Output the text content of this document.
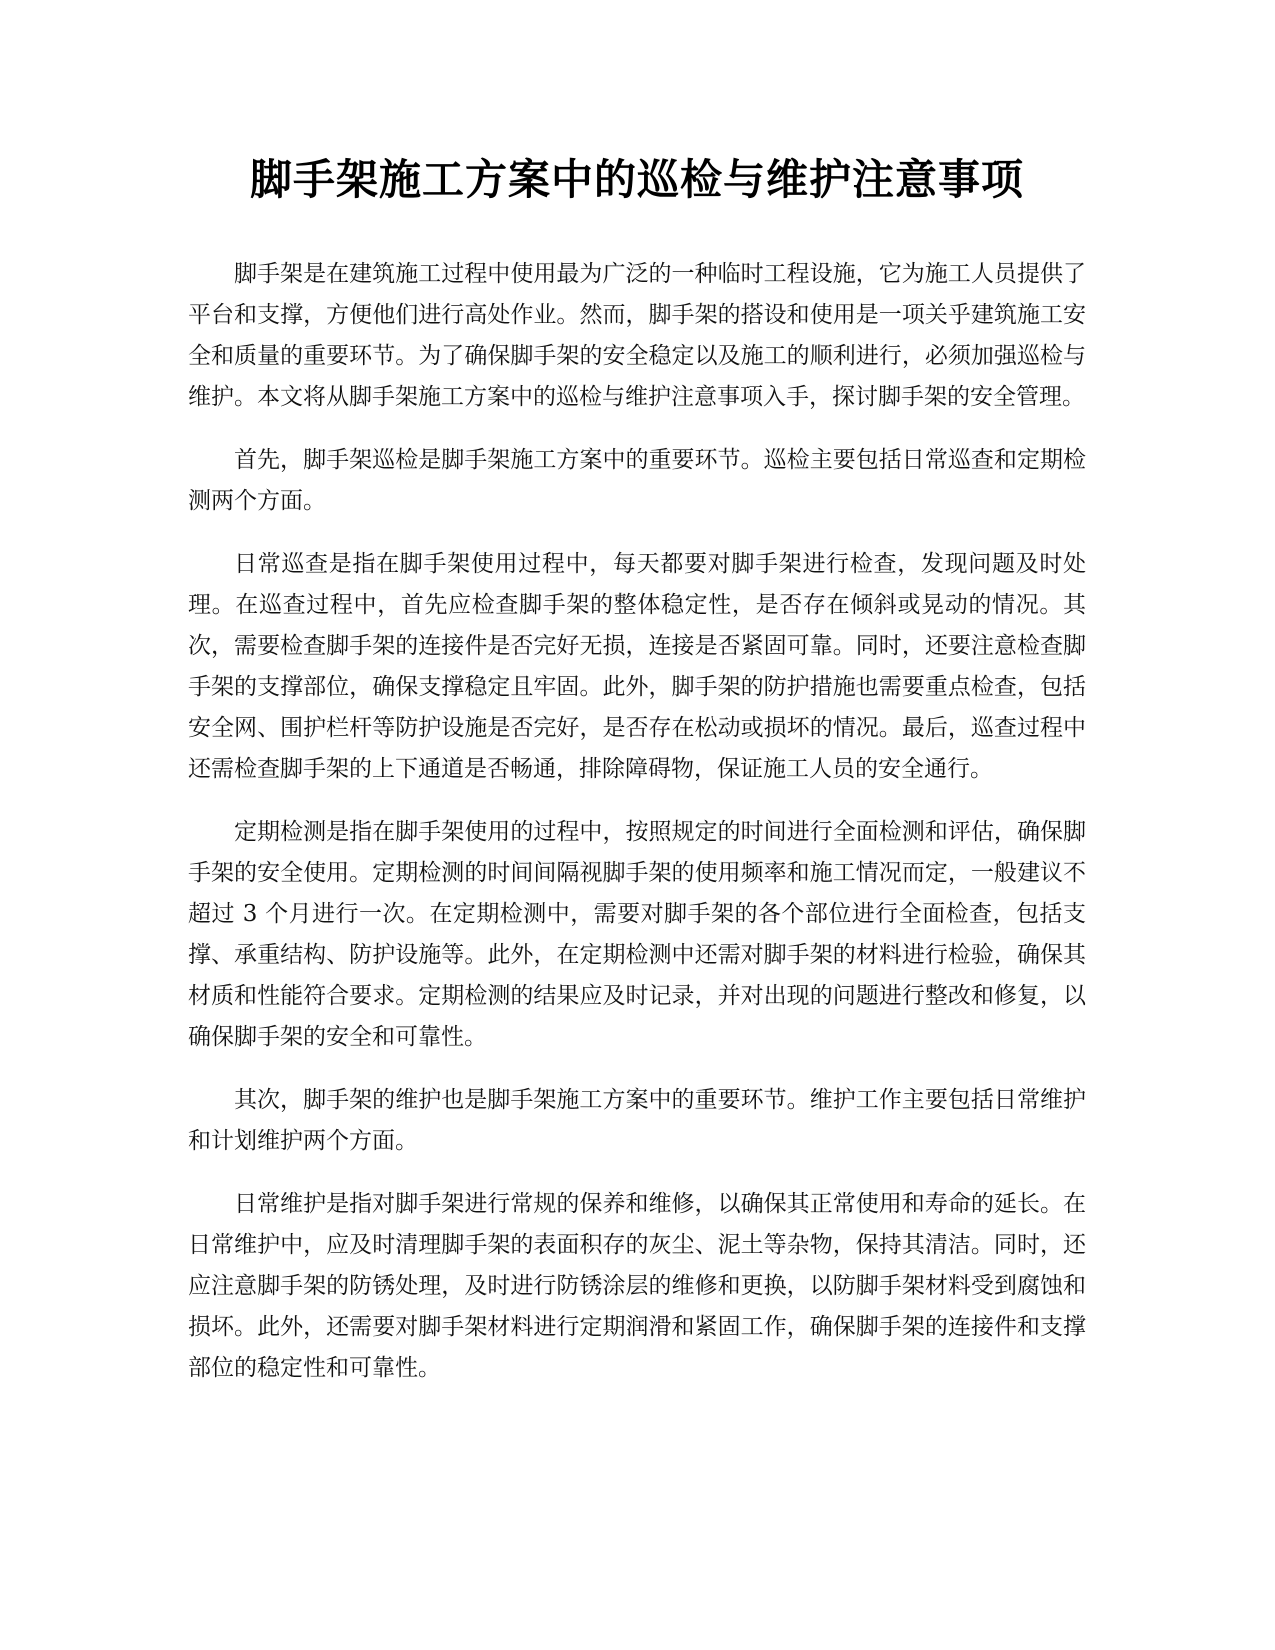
脚手架施工方案中的巡检与维护注意事项

脚手架是在建筑施工过程中使用最为广泛的一种临时工程设施，它为施工人员提供了平台和支撑，方便他们进行高处作业。然而，脚手架的搭设和使用是一项关乎建筑施工安全和质量的重要环节。为了确保脚手架的安全稳定以及施工的顺利进行，必须加强巡检与维护。本文将从脚手架施工方案中的巡检与维护注意事项入手，探讨脚手架的安全管理。

首先，脚手架巡检是脚手架施工方案中的重要环节。巡检主要包括日常巡查和定期检测两个方面。

日常巡查是指在脚手架使用过程中，每天都要对脚手架进行检查，发现问题及时处理。在巡查过程中，首先应检查脚手架的整体稳定性，是否存在倾斜或晃动的情况。其次，需要检查脚手架的连接件是否完好无损，连接是否紧固可靠。同时，还要注意检查脚手架的支撑部位，确保支撑稳定且牢固。此外，脚手架的防护措施也需要重点检查，包括安全网、围护栏杆等防护设施是否完好，是否存在松动或损坏的情况。最后，巡查过程中还需检查脚手架的上下通道是否畅通，排除障碍物，保证施工人员的安全通行。

定期检测是指在脚手架使用的过程中，按照规定的时间进行全面检测和评估，确保脚手架的安全使用。定期检测的时间间隔视脚手架的使用频率和施工情况而定，一般建议不超过 3 个月进行一次。在定期检测中，需要对脚手架的各个部位进行全面检查，包括支撑、承重结构、防护设施等。此外，在定期检测中还需对脚手架的材料进行检验，确保其材质和性能符合要求。定期检测的结果应及时记录，并对出现的问题进行整改和修复，以确保脚手架的安全和可靠性。

其次，脚手架的维护也是脚手架施工方案中的重要环节。维护工作主要包括日常维护和计划维护两个方面。

日常维护是指对脚手架进行常规的保养和维修，以确保其正常使用和寿命的延长。在日常维护中，应及时清理脚手架的表面积存的灰尘、泥土等杂物，保持其清洁。同时，还应注意脚手架的防锈处理，及时进行防锈涂层的维修和更换，以防脚手架材料受到腐蚀和损坏。此外，还需要对脚手架材料进行定期润滑和紧固工作，确保脚手架的连接件和支撑部位的稳定性和可靠性。
